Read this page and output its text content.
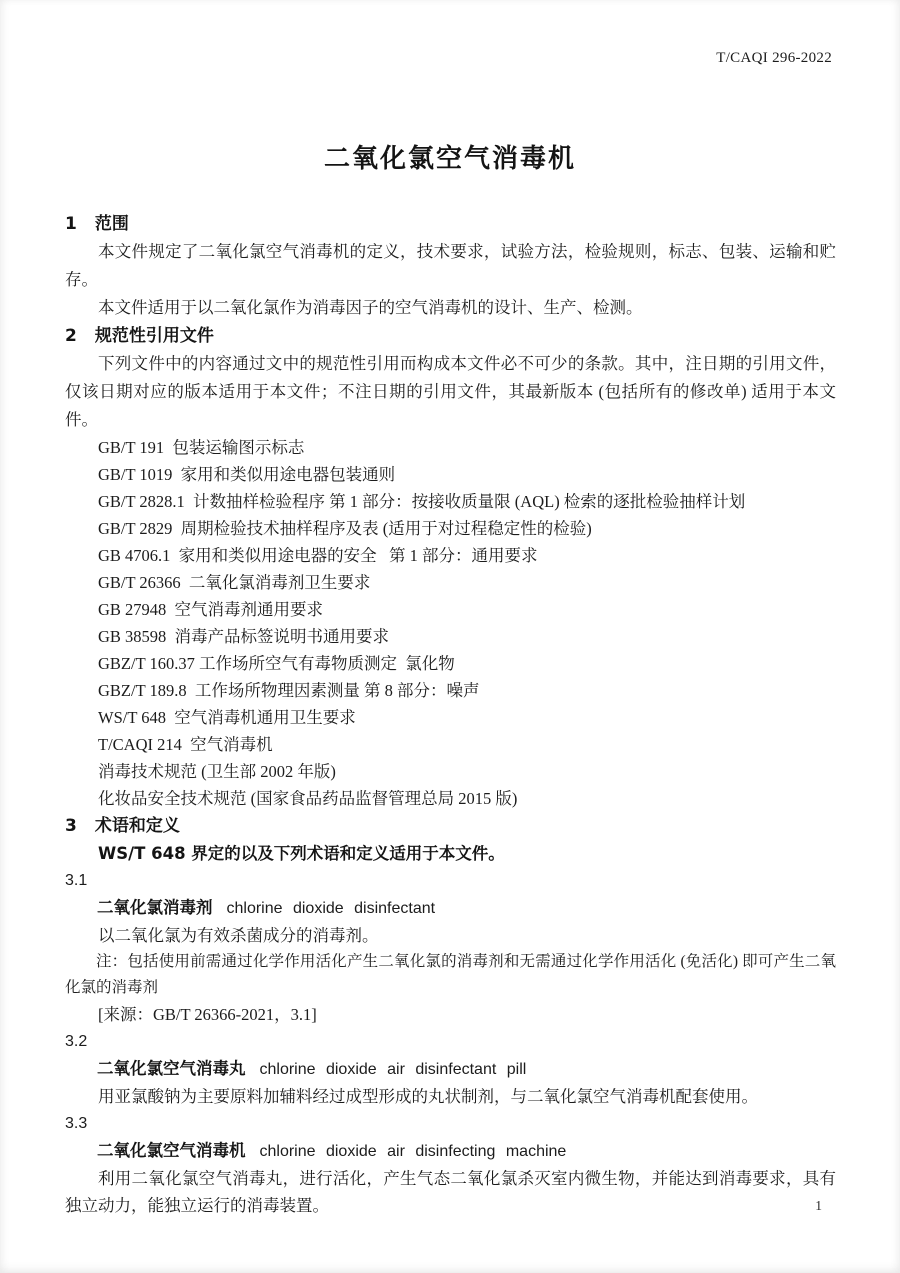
T/CAQI 296-2022
二氧化氯空气消毒机
1 范围

本文件规定了二氧化氯空气消毒机的定义，技术要求，试验方法，检验规则，标志、包装、运输和贮存。

本文件适用于以二氧化氯作为消毒因子的空气消毒机的设计、生产、检测。

2 规范性引用文件

下列文件中的内容通过文中的规范性引用而构成本文件必不可少的条款。其中，注日期的引用文件，仅该日期对应的版本适用于本文件；不注日期的引用文件，其最新版本 (包括所有的修改单) 适用于本文件。

GB/T 191  包装运输图示标志
GB/T 1019  家用和类似用途电器包装通则
GB/T 2828.1  计数抽样检验程序 第 1 部分：按接收质量限 (AQL) 检索的逐批检验抽样计划
GB/T 2829  周期检验技术抽样程序及表 (适用于对过程稳定性的检验)
GB 4706.1  家用和类似用途电器的安全   第 1 部分：通用要求
GB/T 26366  二氧化氯消毒剂卫生要求
GB 27948  空气消毒剂通用要求
GB 38598  消毒产品标签说明书通用要求
GBZ/T 160.37 工作场所空气有毒物质测定  氯化物
GBZ/T 189.8  工作场所物理因素测量 第 8 部分：噪声
WS/T 648  空气消毒机通用卫生要求
T/CAQI 214  空气消毒机
消毒技术规范 (卫生部 2002 年版)
化妆品安全技术规范 (国家食品药品监督管理总局 2015 版)
3 术语和定义

WS/T 648 界定的以及下列术语和定义适用于本文件。

3.1

二氧化氯消毒剂 chlorine dioxide disinfectant

以二氧化氯为有效杀菌成分的消毒剂。

注：包括使用前需通过化学作用活化产生二氧化氯的消毒剂和无需通过化学作用活化 (免活化) 即可产生二氧化氯的消毒剂

[来源：GB/T 26366-2021，3.1]

3.2

二氧化氯空气消毒丸 chlorine dioxide air disinfectant pill

用亚氯酸钠为主要原料加辅料经过成型形成的丸状制剂，与二氧化氯空气消毒机配套使用。

3.3

二氧化氯空气消毒机 chlorine dioxide air disinfecting machine

利用二氧化氯空气消毒丸，进行活化，产生气态二氧化氯杀灭室内微生物，并能达到消毒要求，具有独立动力，能独立运行的消毒装置。	1
